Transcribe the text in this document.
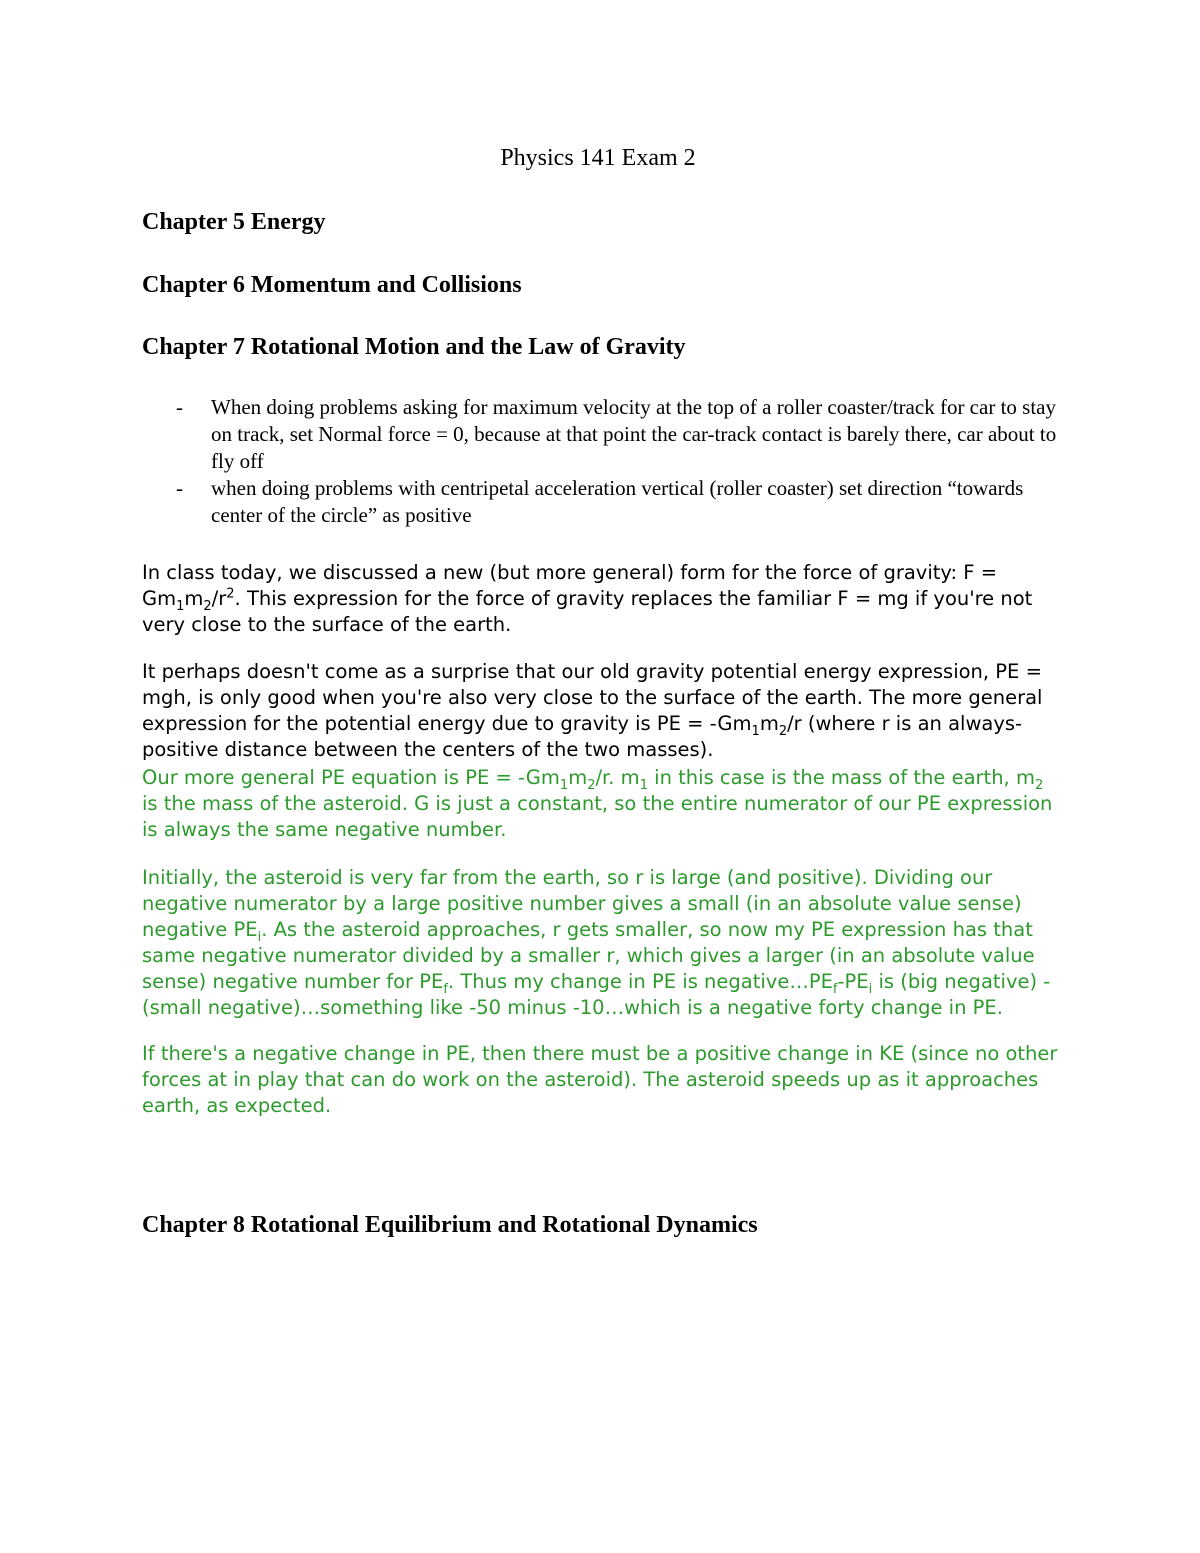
Physics 141 Exam 2
Chapter 5 Energy
Chapter 6 Momentum and Collisions
Chapter 7 Rotational Motion and the Law of Gravity
- When doing problems asking for maximum velocity at the top of a roller coaster/track for car to stay on track, set Normal force = 0, because at that point the car-track contact is barely there, car about to fly off
- when doing problems with centripetal acceleration vertical (roller coaster) set direction “towards center of the circle” as positive

In class today, we discussed a new (but more general) form for the force of gravity: $F = Gm_1m_2/r^2$. This expression for the force of gravity replaces the familiar F = mg if you're not very close to the surface of the earth.

It perhaps doesn't come as a surprise that our old gravity potential energy expression, PE = mgh, is only good when you're also very close to the surface of the earth. The more general expression for the potential energy due to gravity is PE = $-Gm_1m_2/r$ (where r is an always-positive distance between the centers of the two masses).

Our more general PE equation is PE = $-Gm_1m_2/r$. $m_1$ in this case is the mass of the earth, $m_2$ is the mass of the asteroid. G is just a constant, so the entire numerator of our PE expression is always the same negative number.

Initially, the asteroid is very far from the earth, so r is large (and positive). Dividing our negative numerator by a large positive number gives a small (in an absolute value sense) negative $PE_i$. As the asteroid approaches, r gets smaller, so now my PE expression has that same negative numerator divided by a smaller r, which gives a larger (in an absolute value sense) negative number for $PE_f$. Thus my change in PE is $negative\dots PE_f-PE_i$ is (big negative) - (small negative)…something like -50 minus -10…which is a negative forty change in PE.

If there's a negative change in PE, then there must be a positive change in KE (since no other forces at in play that can do work on the asteroid). The asteroid speeds up as it approaches earth, as expected.

Chapter 8 Rotational Equilibrium and Rotational Dynamics
